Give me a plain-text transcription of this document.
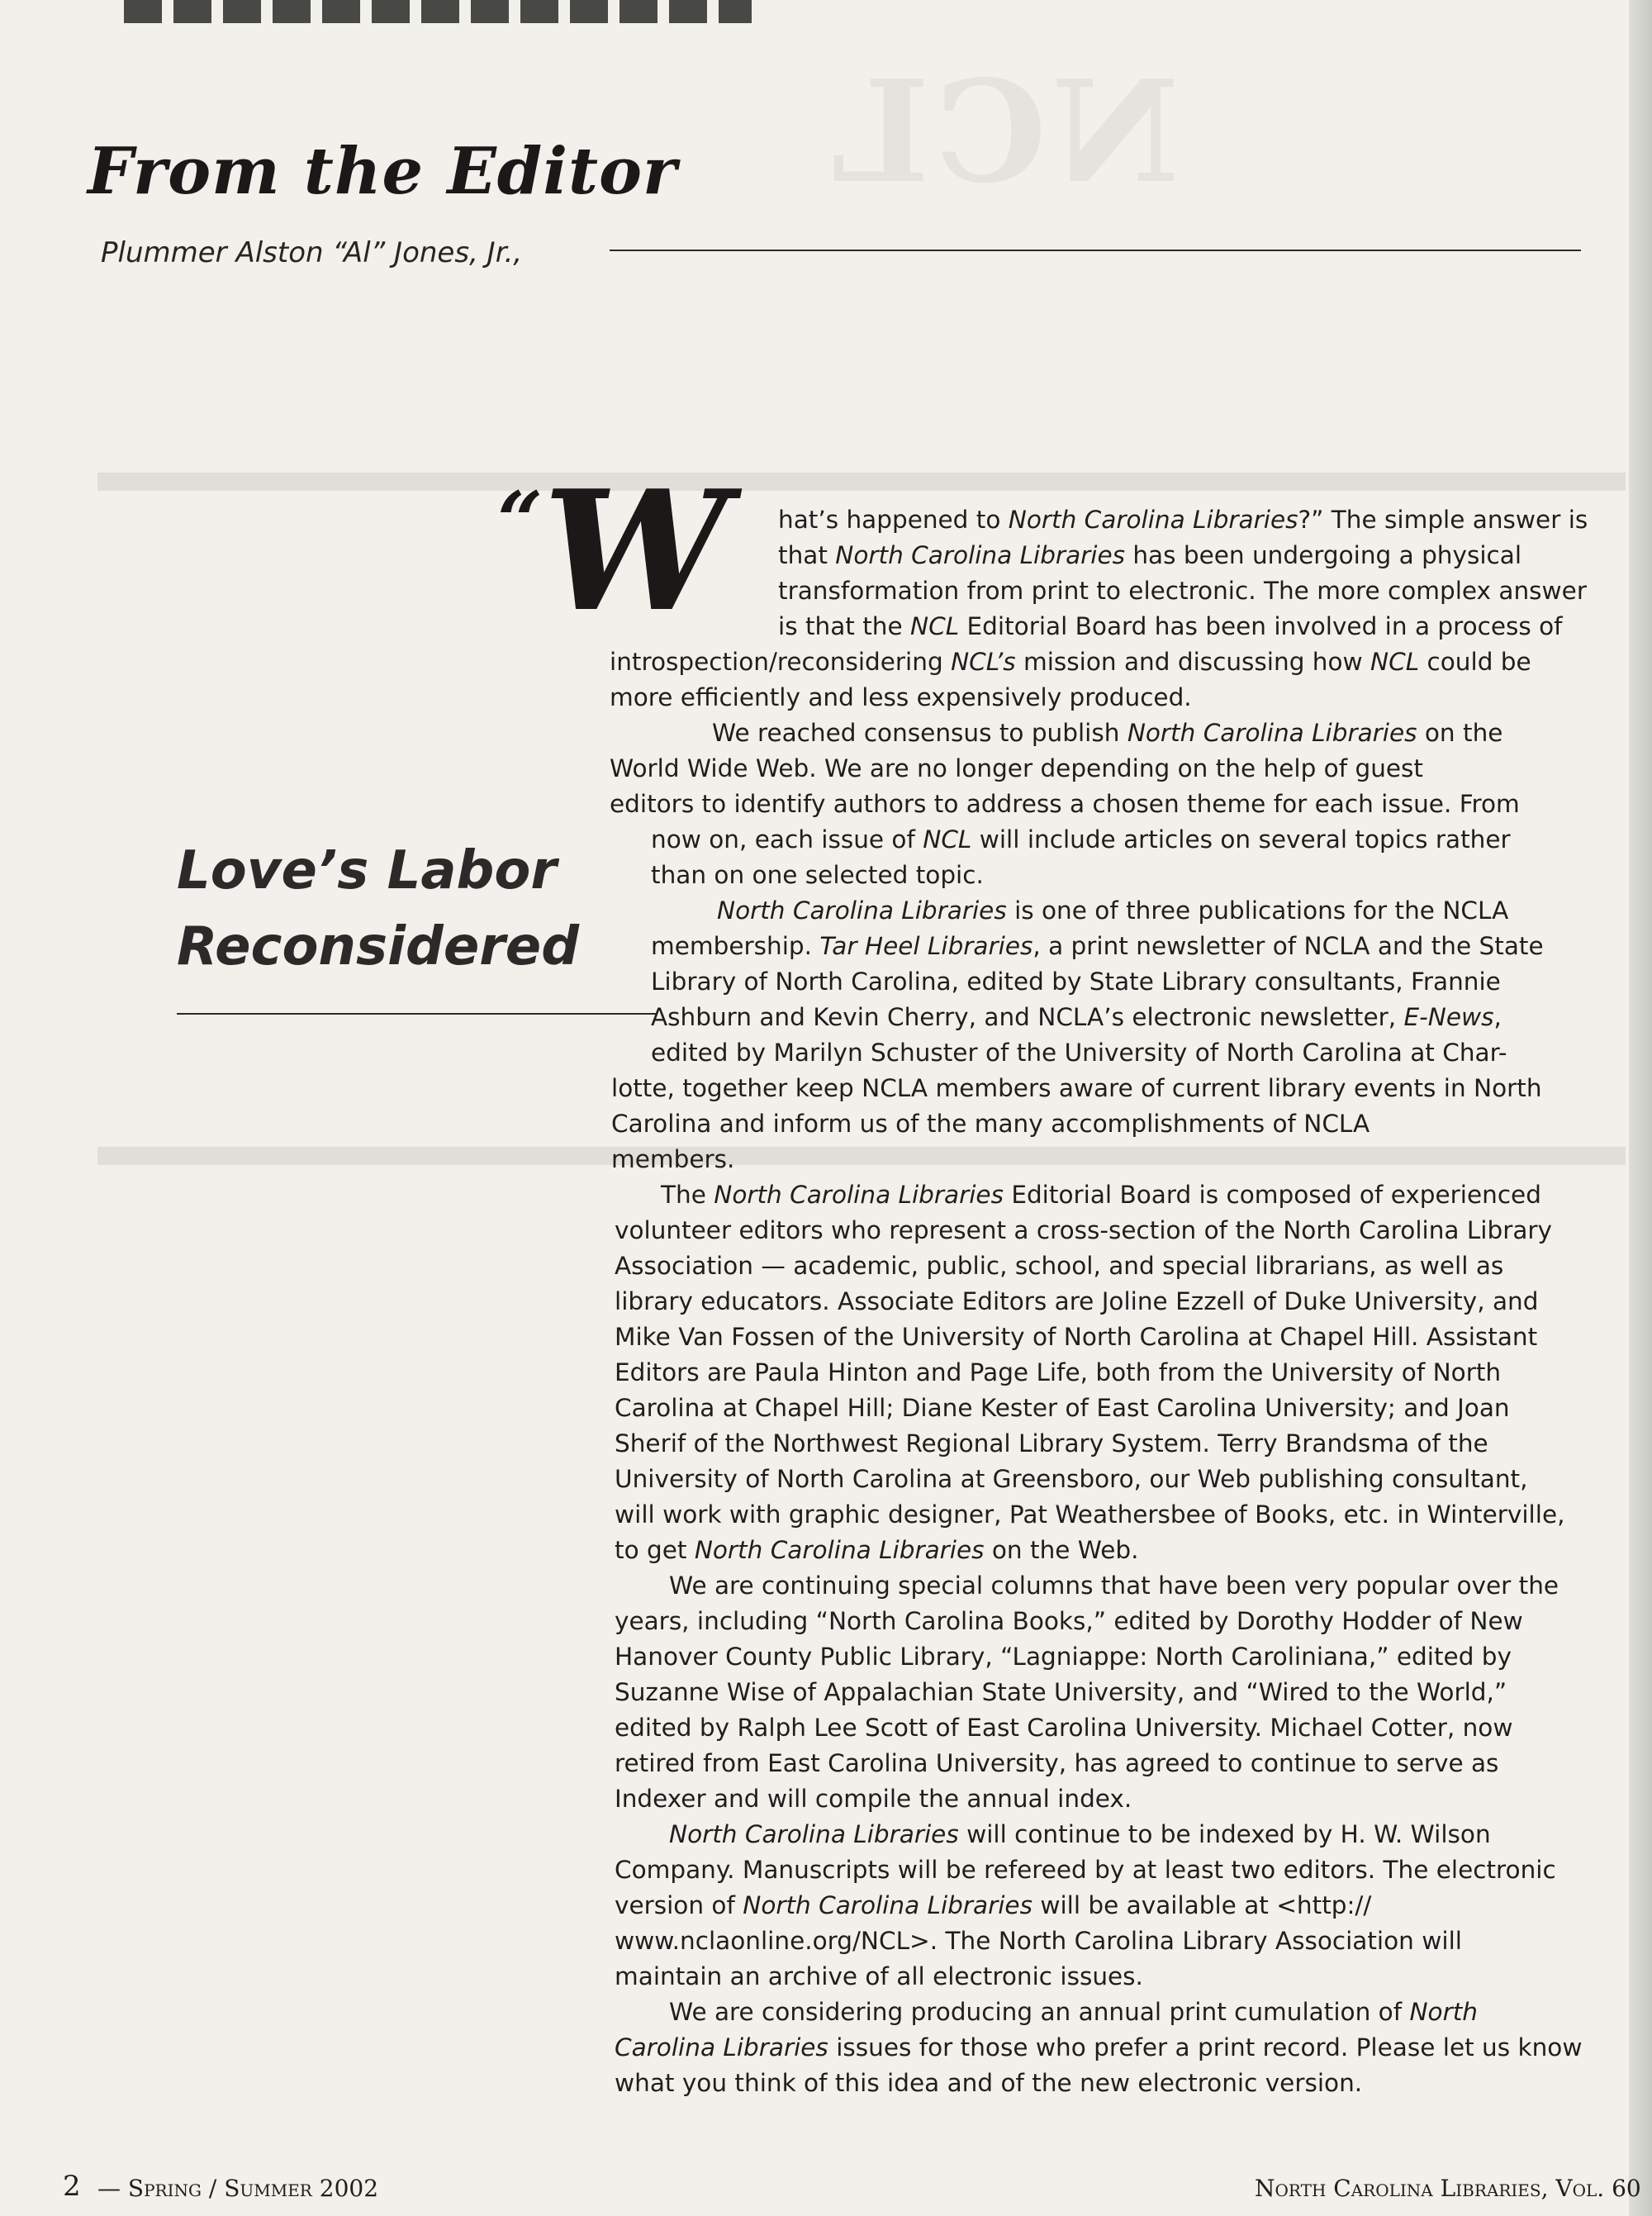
NCL
From the Editor
Plummer Alston “Al” Jones, Jr.,
Love’s Labor
Reconsidered
“W hat’s happened to North Carolina Libraries?” The simple answer is
that North Carolina Libraries has been undergoing a physical
transformation from print to electronic. The more complex answer
is that the NCL Editorial Board has been involved in a process of
introspection/reconsidering NCL’s mission and discussing how NCL could be
more efficiently and less expensively produced.
We reached consensus to publish North Carolina Libraries on the
World Wide Web. We are no longer depending on the help of guest
editors to identify authors to address a chosen theme for each issue. From
now on, each issue of NCL will include articles on several topics rather
than on one selected topic.
North Carolina Libraries is one of three publications for the NCLA
membership. Tar Heel Libraries, a print newsletter of NCLA and the State
Library of North Carolina, edited by State Library consultants, Frannie
Ashburn and Kevin Cherry, and NCLA’s electronic newsletter, E-News,
edited by Marilyn Schuster of the University of North Carolina at Char-
lotte, together keep NCLA members aware of current library events in North
Carolina and inform us of the many accomplishments of NCLA
members.
The North Carolina Libraries Editorial Board is composed of experienced
volunteer editors who represent a cross-section of the North Carolina Library
Association — academic, public, school, and special librarians, as well as
library educators. Associate Editors are Joline Ezzell of Duke University, and
Mike Van Fossen of the University of North Carolina at Chapel Hill. Assistant
Editors are Paula Hinton and Page Life, both from the University of North
Carolina at Chapel Hill; Diane Kester of East Carolina University; and Joan
Sherif of the Northwest Regional Library System. Terry Brandsma of the
University of North Carolina at Greensboro, our Web publishing consultant,
will work with graphic designer, Pat Weathersbee of Books, etc. in Winterville,
to get North Carolina Libraries on the Web.
We are continuing special columns that have been very popular over the
years, including “North Carolina Books,” edited by Dorothy Hodder of New
Hanover County Public Library, “Lagniappe: North Caroliniana,” edited by
Suzanne Wise of Appalachian State University, and “Wired to the World,”
edited by Ralph Lee Scott of East Carolina University. Michael Cotter, now
retired from East Carolina University, has agreed to continue to serve as
Indexer and will compile the annual index.
North Carolina Libraries will continue to be indexed by H. W. Wilson
Company. Manuscripts will be refereed by at least two editors. The electronic
version of North Carolina Libraries will be available at <http://
www.nclaonline.org/NCL>. The North Carolina Library Association will
maintain an archive of all electronic issues.
We are considering producing an annual print cumulation of North
Carolina Libraries issues for those who prefer a print record. Please let us know
what you think of this idea and of the new electronic version.
2 — Spring / Summer 2002	North Carolina Libraries, Vol. 60
